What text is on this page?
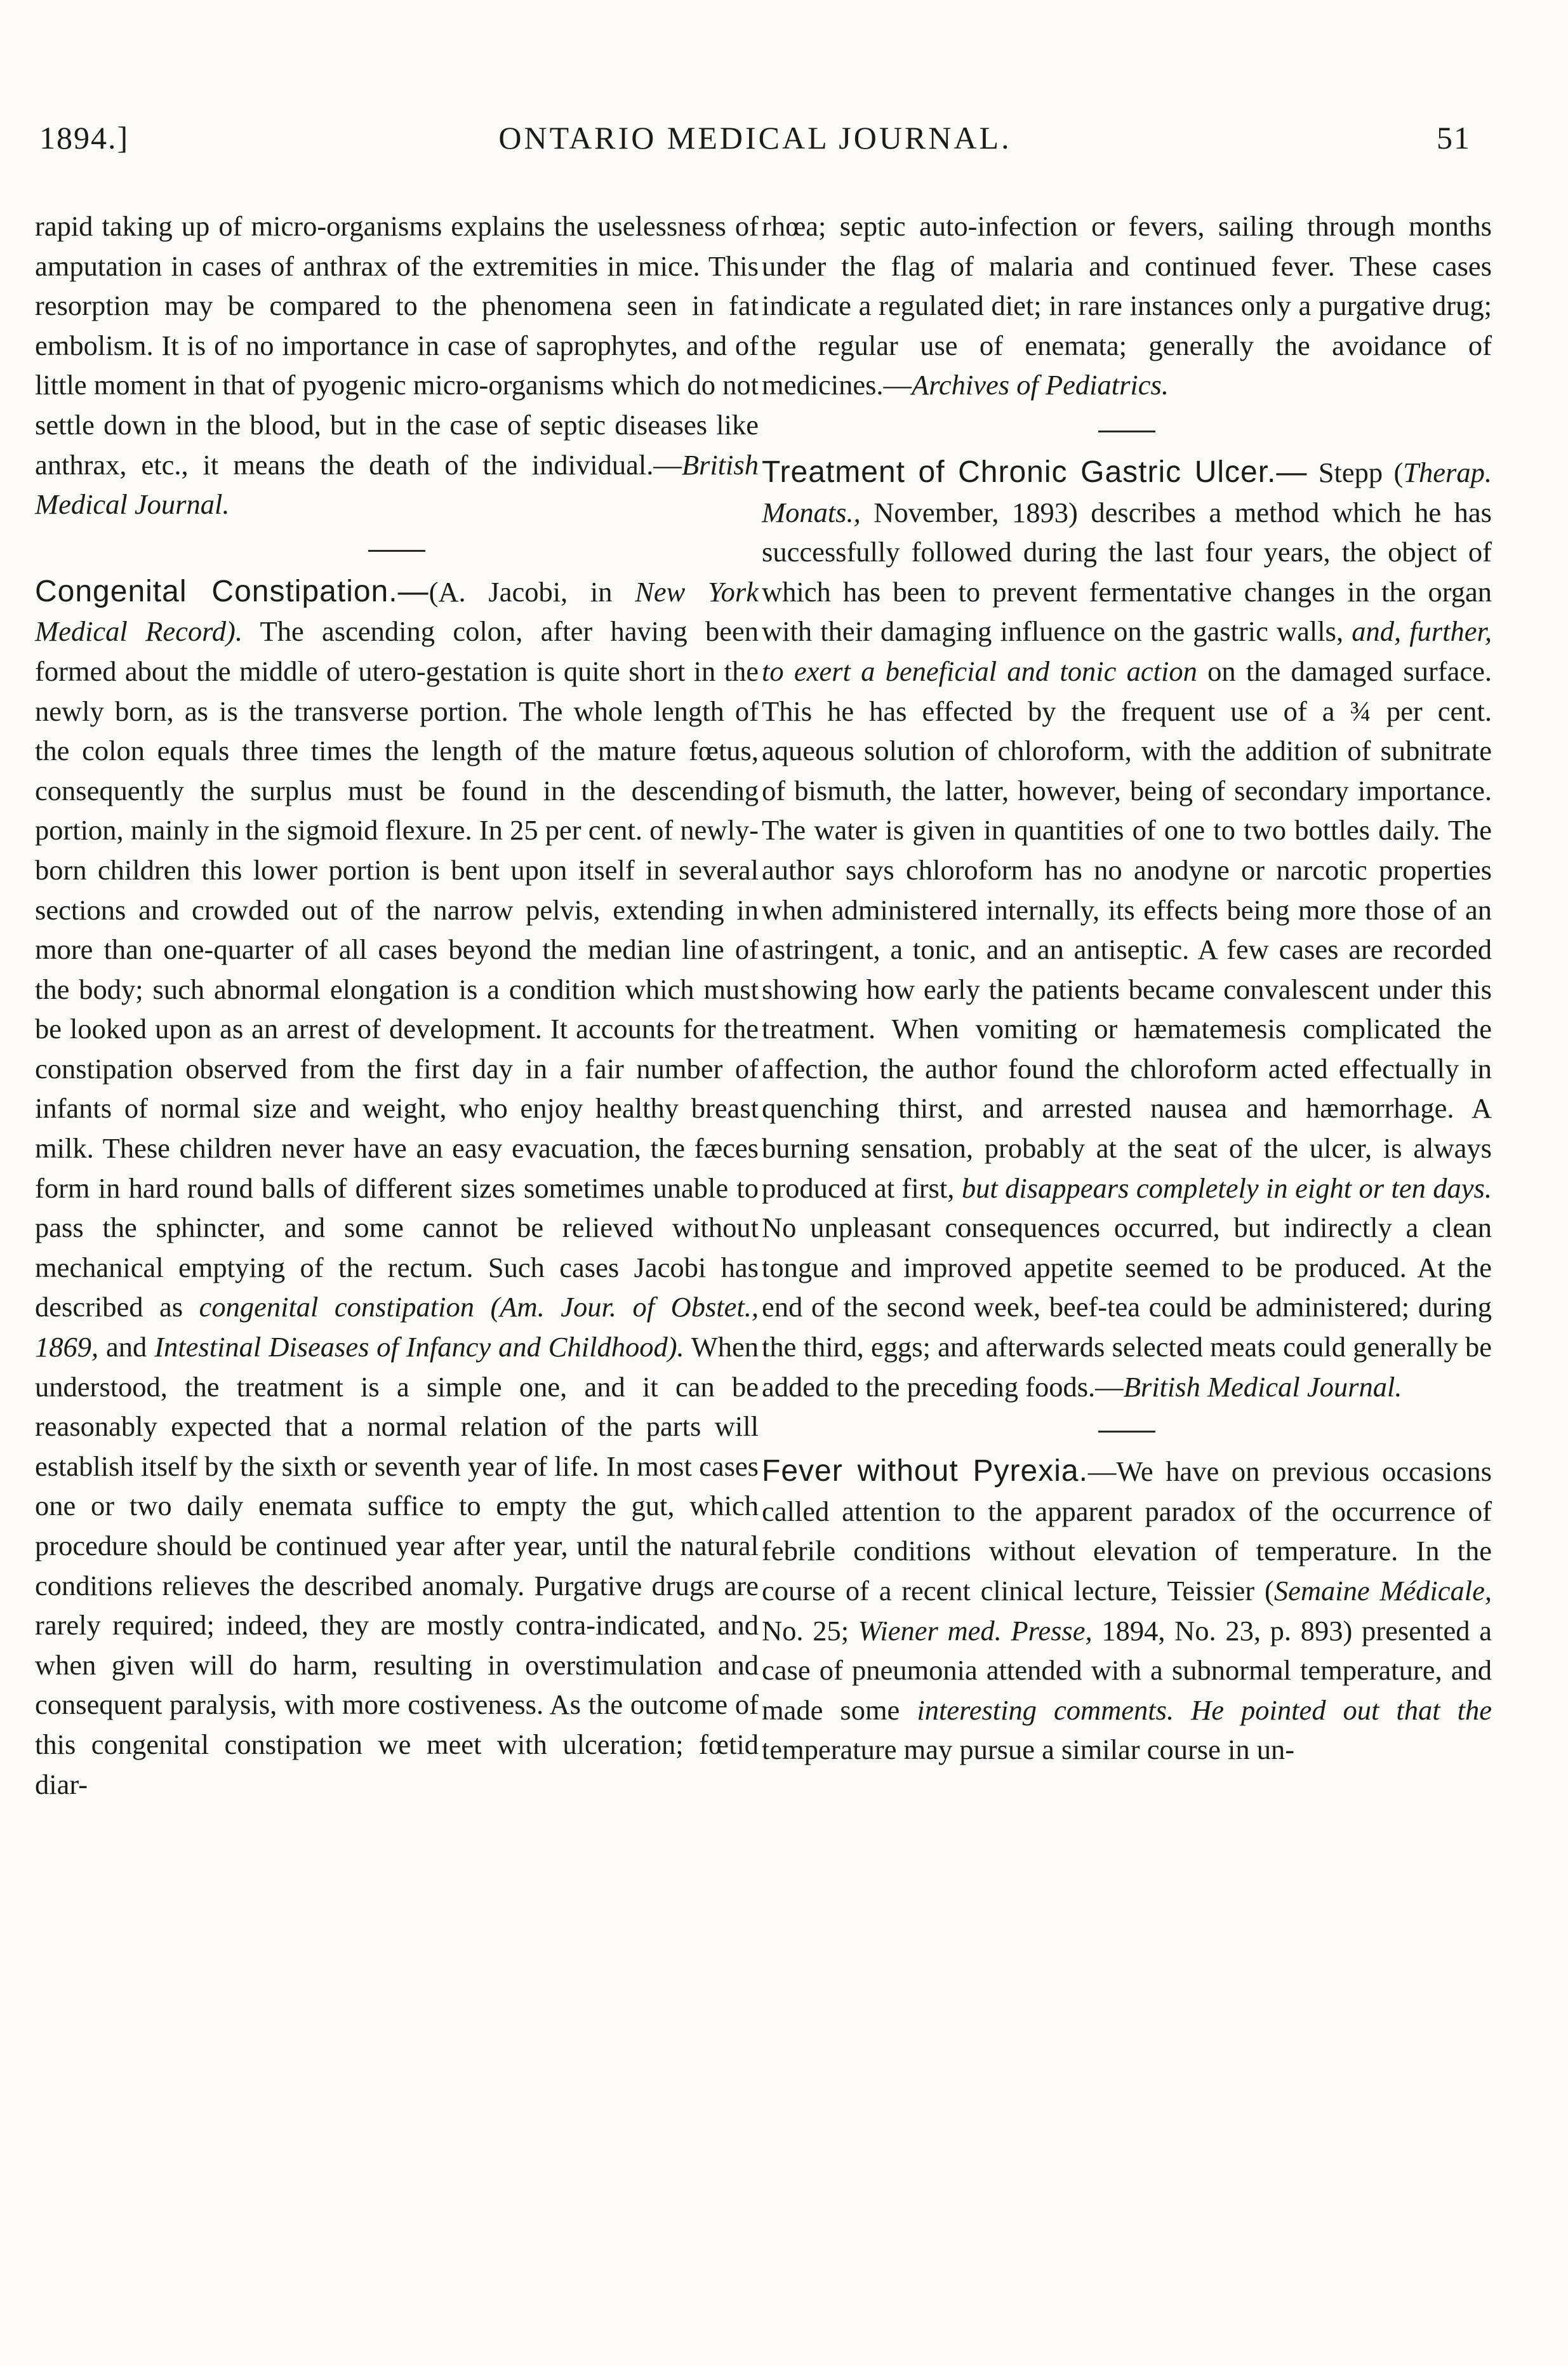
1894.]	ONTARIO MEDICAL JOURNAL.	51

rapid taking up of micro-organisms explains the uselessness of amputation in cases of anthrax of the extremities in mice. This resorption may be compared to the phenomena seen in fat embolism. It is of no importance in case of saprophytes, and of little moment in that of pyogenic micro-organisms which do not settle down in the blood, but in the case of septic diseases like anthrax, etc., it means the death of the individual.—British Medical Journal.

Congenital Constipation.—(A. Jacobi, in New York Medical Record). The ascending colon, after having been formed about the middle of utero-gestation is quite short in the newly born, as is the transverse portion. The whole length of the colon equals three times the length of the mature fœtus, consequently the surplus must be found in the descending portion, mainly in the sigmoid flexure. In 25 per cent. of newly-born children this lower portion is bent upon itself in several sections and crowded out of the narrow pelvis, extending in more than one-quarter of all cases beyond the median line of the body; such abnormal elongation is a condition which must be looked upon as an arrest of development. It accounts for the constipation observed from the first day in a fair number of infants of normal size and weight, who enjoy healthy breast milk. These children never have an easy evacuation, the fæces form in hard round balls of different sizes sometimes unable to pass the sphincter, and some cannot be relieved without mechanical emptying of the rectum. Such cases Jacobi has described as congenital constipation (Am. Jour. of Obstet., 1869, and Intestinal Diseases of Infancy and Childhood). When understood, the treatment is a simple one, and it can be reasonably expected that a normal relation of the parts will establish itself by the sixth or seventh year of life. In most cases one or two daily enemata suffice to empty the gut, which procedure should be continued year after year, until the natural conditions relieves the described anomaly. Purgative drugs are rarely required; indeed, they are mostly contra-indicated, and when given will do harm, resulting in overstimulation and consequent paralysis, with more costiveness. As the outcome of this congenital constipation we meet with ulceration; fœtid diar-

rhœa; septic auto-infection or fevers, sailing through months under the flag of malaria and continued fever. These cases indicate a regulated diet; in rare instances only a purgative drug; the regular use of enemata; generally the avoidance of medicines.—Archives of Pediatrics.

Treatment of Chronic Gastric Ulcer.— Stepp (Therap. Monats., November, 1893) describes a method which he has successfully followed during the last four years, the object of which has been to prevent fermentative changes in the organ with their damaging influence on the gastric walls, and, further, to exert a beneficial and tonic action on the damaged surface. This he has effected by the frequent use of a ¾ per cent. aqueous solution of chloroform, with the addition of subnitrate of bismuth, the latter, however, being of secondary importance. The water is given in quantities of one to two bottles daily. The author says chloroform has no anodyne or narcotic properties when administered internally, its effects being more those of an astringent, a tonic, and an antiseptic. A few cases are recorded showing how early the patients became convalescent under this treatment. When vomiting or hæmatemesis complicated the affection, the author found the chloroform acted effectually in quenching thirst, and arrested nausea and hæmorrhage. A burning sensation, probably at the seat of the ulcer, is always produced at first, but disappears completely in eight or ten days. No unpleasant consequences occurred, but indirectly a clean tongue and improved appetite seemed to be produced. At the end of the second week, beef-tea could be administered; during the third, eggs; and afterwards selected meats could generally be added to the preceding foods.—British Medical Journal.

Fever without Pyrexia.—We have on previous occasions called attention to the apparent paradox of the occurrence of febrile conditions without elevation of temperature. In the course of a recent clinical lecture, Teissier (Semaine Médicale, No. 25; Wiener med. Presse, 1894, No. 23, p. 893) presented a case of pneumonia attended with a subnormal temperature, and made some interesting comments. He pointed out that the temperature may pursue a similar course in un-
